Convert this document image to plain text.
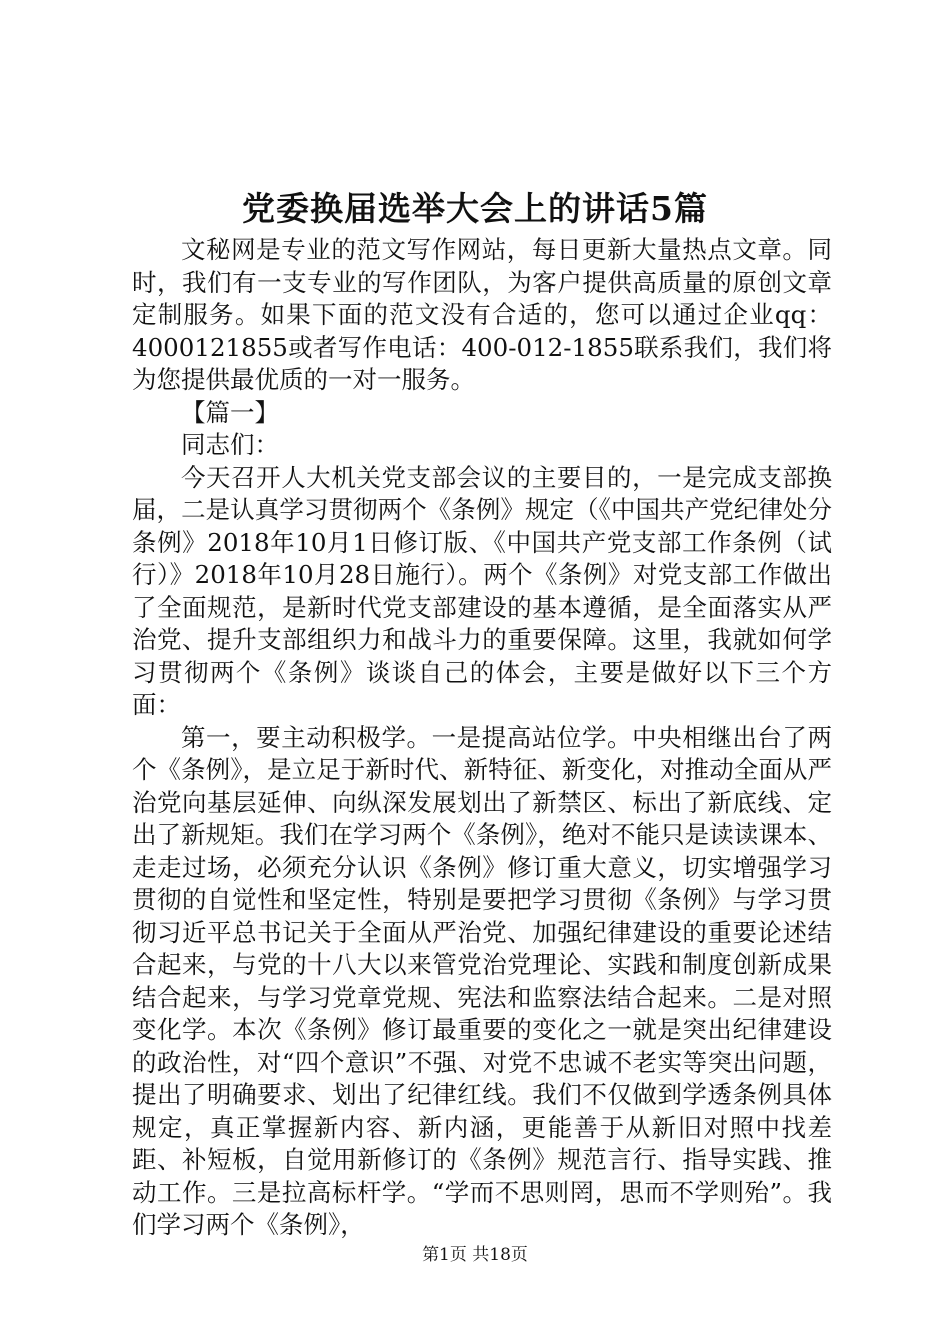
党委换届选举大会上的讲话5篇

文秘网是专业的范文写作网站，每日更新大量热点文章。同时，我们有一支专业的写作团队，为客户提供高质量的原创文章定制服务。如果下面的范文没有合适的，您可以通过企业qq：4000121855或者写作电话：400-012-1855联系我们，我们将为您提供最优质的一对一服务。

【篇一】

同志们：

今天召开人大机关党支部会议的主要目的，一是完成支部换届，二是认真学习贯彻两个《条例》规定（《中国共产党纪律处分条例》2018年10月1日修订版、《中国共产党支部工作条例（试行）》2018年10月28日施行）。两个《条例》对党支部工作做出了全面规范，是新时代党支部建设的基本遵循，是全面落实从严治党、提升支部组织力和战斗力的重要保障。这里，我就如何学习贯彻两个《条例》谈谈自己的体会，主要是做好以下三个方面：

第一，要主动积极学。一是提高站位学。中央相继出台了两个《条例》，是立足于新时代、新特征、新变化，对推动全面从严治党向基层延伸、向纵深发展划出了新禁区、标出了新底线、定出了新规矩。我们在学习两个《条例》，绝对不能只是读读课本、走走过场，必须充分认识《条例》修订重大意义，切实增强学习贯彻的自觉性和坚定性，特别是要把学习贯彻《条例》与学习贯彻习近平总书记关于全面从严治党、加强纪律建设的重要论述结合起来，与党的十八大以来管党治党理论、实践和制度创新成果结合起来，与学习党章党规、宪法和监察法结合起来。二是对照变化学。本次《条例》修订最重要的变化之一就是突出纪律建设的政治性，对“四个意识”不强、对党不忠诚不老实等突出问题，提出了明确要求、划出了纪律红线。我们不仅做到学透条例具体规定，真正掌握新内容、新内涵，更能善于从新旧对照中找差距、补短板，自觉用新修订的《条例》规范言行、指导实践、推动工作。三是拉高标杆学。“学而不思则罔，思而不学则殆”。我们学习两个《条例》，

第1页 共18页
